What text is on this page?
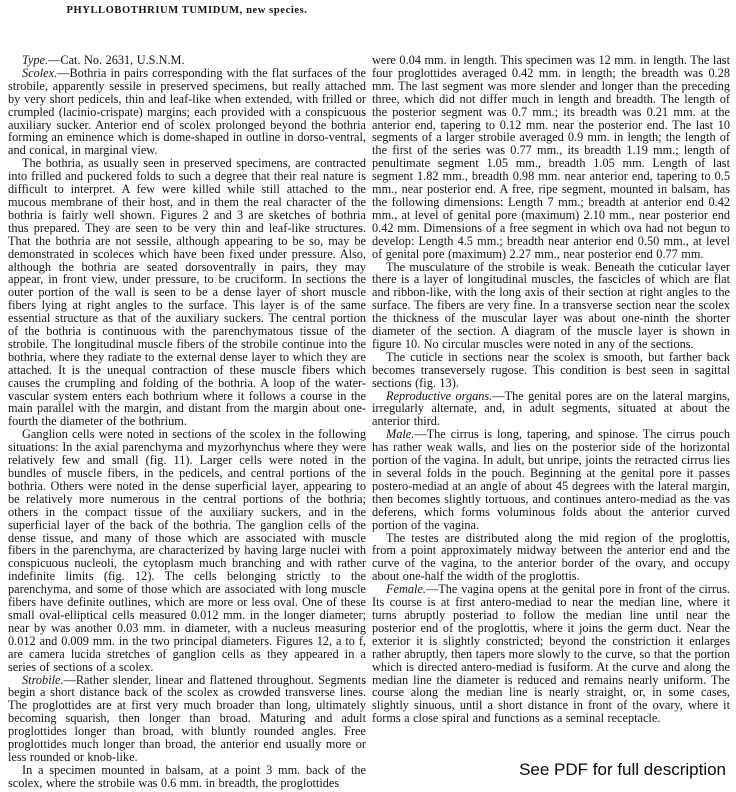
PHYLLOBOTHRIUM TUMIDUM, new species.

Type.—Cat. No. 2631, U.S.N.M.

Scolex.—Bothria in pairs corresponding with the flat surfaces of the strobile, apparently sessile in preserved specimens, but really attached by very short pedicels, thin and leaf-like when extended, with frilled or crumpled (lacinio-crispate) margins; each provided with a conspicuous auxiliary sucker. Anterior end of scolex prolonged beyond the bothria forming an eminence which is dome-shaped in outline in dorso-ventral, and conical, in marginal view.

The bothria, as usually seen in preserved specimens, are contracted into frilled and puckered folds to such a degree that their real nature is difficult to interpret. A few were killed while still attached to the mucous membrane of their host, and in them the real character of the bothria is fairly well shown. Figures 2 and 3 are sketches of bothria thus prepared. They are seen to be very thin and leaf-like structures. That the bothria are not sessile, although appearing to be so, may be demonstrated in scoleces which have been fixed under pressure. Also, although the bothria are seated dorsoventrally in pairs, they may appear, in front view, under pressure, to be cruciform. In sections the outer portion of the wall is seen to be a dense layer of short muscle fibers lying at right angles to the surface. This layer is of the same essential structure as that of the auxiliary suckers. The central portion of the bothria is continuous with the parenchymatous tissue of the strobile. The longitudinal muscle fibers of the strobile continue into the bothria, where they radiate to the external dense layer to which they are attached. It is the unequal contraction of these muscle fibers which causes the crumpling and folding of the bothria. A loop of the water-vascular system enters each bothrium where it follows a course in the main parallel with the margin, and distant from the margin about one-fourth the diameter of the bothrium.

Ganglion cells were noted in sections of the scolex in the following situations: In the axial parenchyma and myzorhynchus where they were relatively few and small (fig. 11). Larger cells were noted in the bundles of muscle fibers, in the pedicels, and central portions of the bothria. Others were noted in the dense superficial layer, appearing to be relatively more numerous in the central portions of the bothria; others in the compact tissue of the auxiliary suckers, and in the superficial layer of the back of the bothria. The ganglion cells of the dense tissue, and many of those which are associated with muscle fibers in the parenchyma, are characterized by having large nuclei with conspicuous nucleoli, the cytoplasm much branching and with rather indefinite limits (fig. 12). The cells belonging strictly to the parenchyma, and some of those which are associated with long muscle fibers have definite outlines, which are more or less oval. One of these small oval-elliptical cells measured 0.012 mm. in the longer diameter; near by was another 0.03 mm. in diameter, with a nucleus measuring 0.012 and 0.009 mm. in the two principal diameters. Figures 12, a to f, are camera lucida stretches of ganglion cells as they appeared in a series of sections of a scolex.

Strobile.—Rather slender, linear and flattened throughout. Segments begin a short distance back of the scolex as crowded transverse lines. The proglottides are at first very much broader than long, ultimately becoming squarish, then longer than broad. Maturing and adult proglottides longer than broad, with bluntly rounded angles. Free proglottides much longer than broad, the anterior end usually more or less rounded or knob-like.

In a specimen mounted in balsam, at a point 3 mm. back of the scolex, where the strobile was 0.6 mm. in breadth, the proglottides

were 0.04 mm. in length. This specimen was 12 mm. in length. The last four proglottides averaged 0.42 mm. in length; the breadth was 0.28 mm. The last segment was more slender and longer than the preceding three, which did not differ much in length and breadth. The length of the posterior segment was 0.7 mm.; its breadth was 0.21 mm. at the anterior end, tapering to 0.12 mm. near the posterior end. The last 10 segments of a larger strobile averaged 0.9 mm. in length; the length of the first of the series was 0.77 mm., its breadth 1.19 mm.; length of penultimate segment 1.05 mm., breadth 1.05 mm. Length of last segment 1.82 mm., breadth 0.98 mm. near anterior end, tapering to 0.5 mm., near posterior end. A free, ripe segment, mounted in balsam, has the following dimensions: Length 7 mm.; breadth at anterior end 0.42 mm., at level of genital pore (maximum) 2.10 mm., near posterior end 0.42 mm. Dimensions of a free segment in which ova had not begun to develop: Length 4.5 mm.; breadth near anterior end 0.50 mm., at level of genital pore (maximum) 2.27 mm., near posterior end 0.77 mm.

The musculature of the strobile is weak. Beneath the cuticular layer there is a layer of longitudinal muscles, the fascicles of which are flat and ribbon-like, with the long axis of their section at right angles to the surface. The fibers are very fine. In a transverse section near the scolex the thickness of the muscular layer was about one-ninth the shorter diameter of the section. A diagram of the muscle layer is shown in figure 10. No circular muscles were noted in any of the sections.

The cuticle in sections near the scolex is smooth, but farther back becomes transeversely rugose. This condition is best seen in sagittal sections (fig. 13).

Reproductive organs.—The genital pores are on the lateral margins, irregularly alternate, and, in adult segments, situated at about the anterior third.

Male.—The cirrus is long, tapering, and spinose. The cirrus pouch has rather weak walls, and lies on the posterior side of the horizontal portion of the vagina. In adult, but unripe, joints the retracted cirrus lies in several folds in the pouch. Beginning at the genital pore it passes postero-mediad at an angle of about 45 degrees with the lateral margin, then becomes slightly tortuous, and continues antero-mediad as the vas deferens, which forms voluminous folds about the anterior curved portion of the vagina.

The testes are distributed along the mid region of the proglottis, from a point approximately midway between the anterior end and the curve of the vagina, to the anterior border of the ovary, and occupy about one-half the width of the proglottis.

Female.—The vagina opens at the genital pore in front of the cirrus. Its course is at first antero-mediad to near the median line, where it turns abruptly posteriad to follow the median line until near the posterior end of the proglottis, where it joins the germ duct. Near the exterior it is slightly constricted; beyond the constriction it enlarges rather abruptly, then tapers more slowly to the curve, so that the portion which is directed antero-mediad is fusiform. At the curve and along the median line the diameter is reduced and remains nearly uniform. The course along the median line is nearly straight, or, in some cases, slightly sinuous, until a short distance in front of the ovary, where it forms a close spiral and functions as a seminal receptacle.

See PDF for full description
